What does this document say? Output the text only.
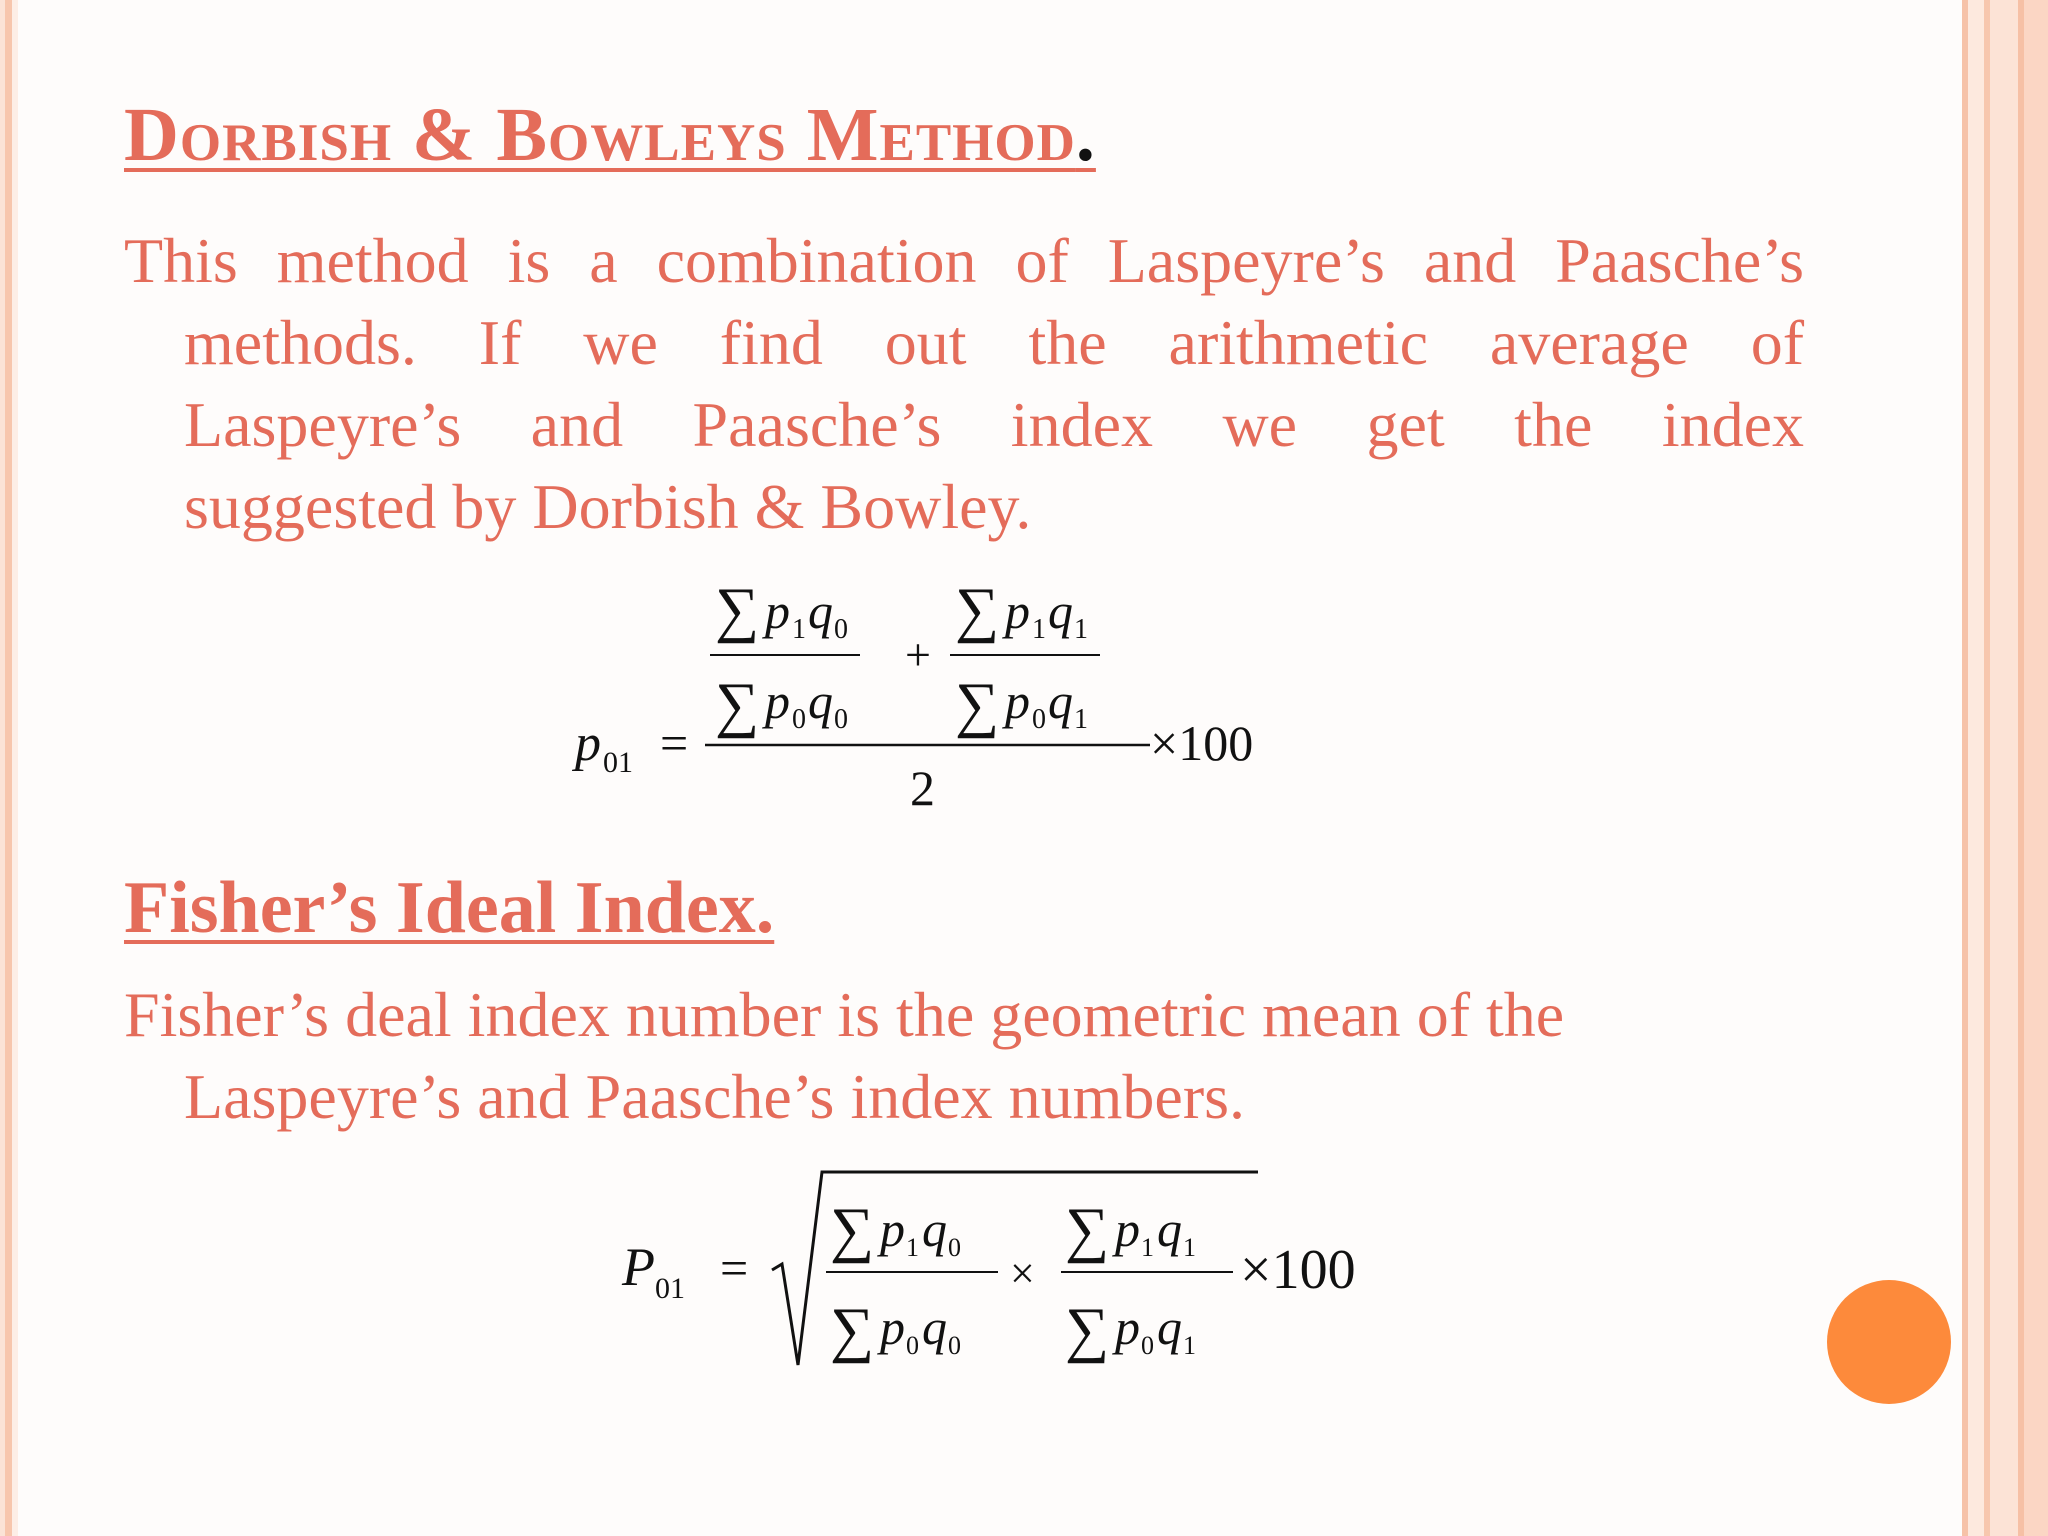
Dorbish & Bowleys Method.

This method is a combination of Laspeyre’s and Paasche’s
methods. If we find out the arithmetic average of
Laspeyre’s and Paasche’s index we get the index
suggested by Dorbish & Bowley.

∑ p 1 q 0
∑ p 0 q 0
+
∑ p 1 q 1
∑ p 0 q 1
2
p 01 =	×100
Fisher’s Ideal Index.

Fisher’s deal index number is the geometric mean of the
Laspeyre’s and Paasche’s index numbers.

P 01 =
∑ p 1 q 0
∑ p 0 q 0
×
∑ p 1 q 1
∑ p 0 q 1
×100
